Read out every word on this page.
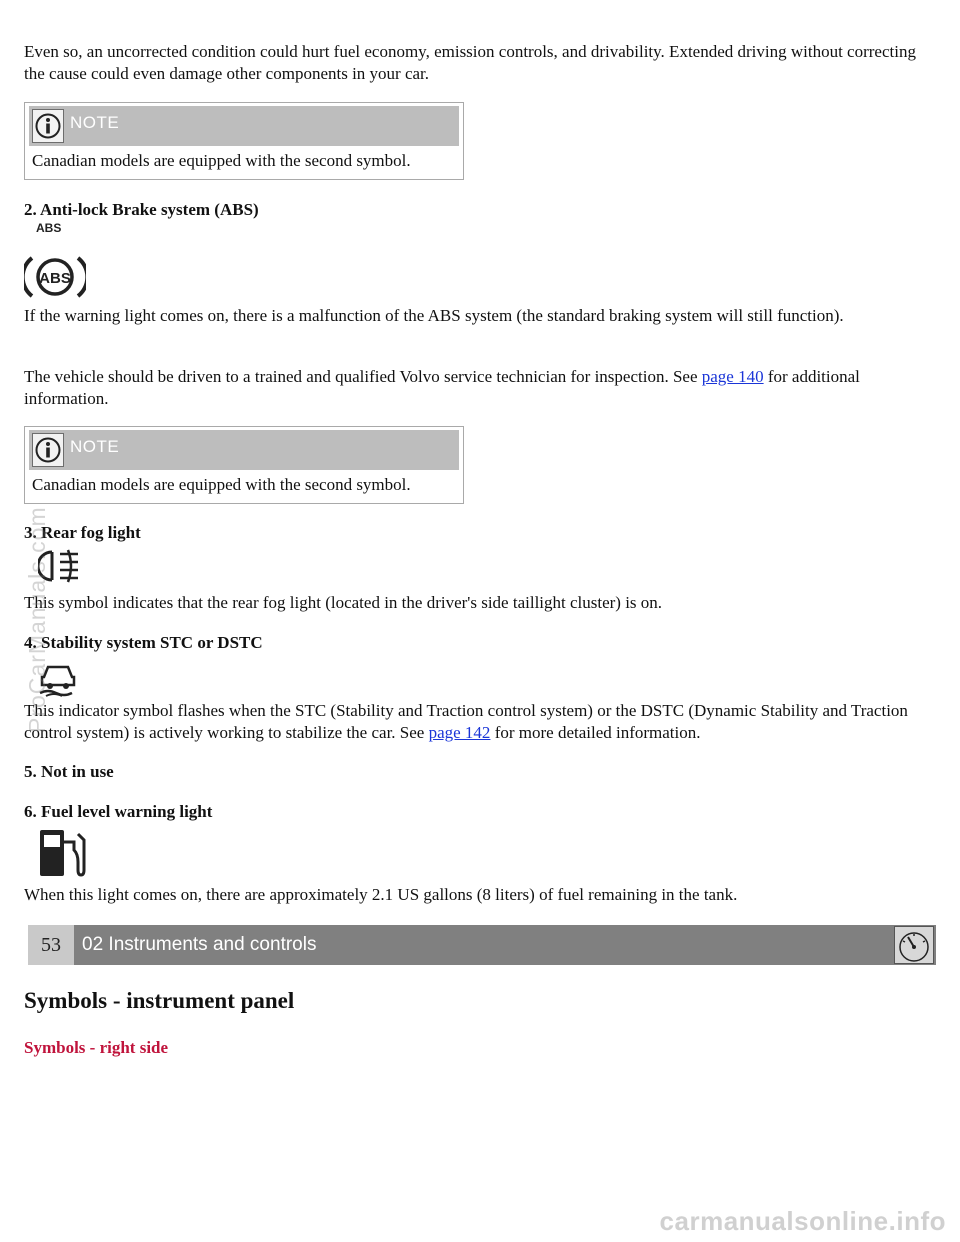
Even so, an uncorrected condition could hurt fuel economy, emission controls, and drivability. Extended driving without correcting the cause could even damage other components in your car.

NOTE
Canadian models are equipped with the second symbol.

2. Anti-lock Brake system (ABS)

ABS
ABS

If the warning light comes on, there is a malfunction of the ABS system (the standard braking system will still function).

The vehicle should be driven to a trained and qualified Volvo service technician for inspection. See page 140 for additional information.

NOTE
Canadian models are equipped with the second symbol.

3. Rear fog light

This symbol indicates that the rear fog light (located in the driver's side taillight cluster) is on.

4. Stability system STC or DSTC

This indicator symbol flashes when the STC (Stability and Traction control system) or the DSTC (Dynamic Stability and Traction control system) is actively working to stabilize the car. See page 142 for more detailed information.

5. Not in use

6. Fuel level warning light

When this light comes on, there are approximately 2.1 US gallons (8 liters) of fuel remaining in the tank.

53	02 Instruments and controls
Symbols - instrument panel
Symbols - right side
ProCarManuals.com
carmanualsonline.info
